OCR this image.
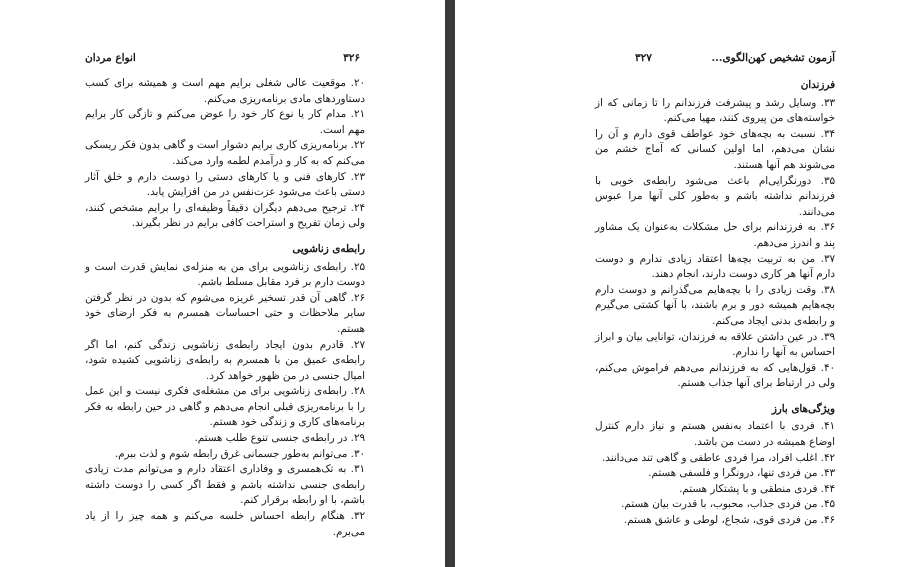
۳۲۶
انواع مردان

۲۰. موقعیت عالی شغلی برایم مهم است و همیشه برای کسب دستاوردهای مادی برنامه‌ریزی می‌کنم.

۲۱. مدام کار یا نوع کار خود را عوض می‌کنم و تازگی کار برایم مهم است.

۲۲. برنامه‌ریزی کاری برایم دشوار است و گاهی بدون فکر ریسکی می‌کنم که به کار و درآمدم لطمه وارد می‌کند.

۲۳. کارهای فنی و یا کارهای دستی را دوست دارم و خلق آثار دستی باعث می‌شود عزت‌نفس در من افزایش یابد.

۲۴. ترجیح می‌دهم دیگران دقیقاً وظیفه‌ای را برایم مشخص کنند، ولی زمان تفریح و استراحت کافی برایم در نظر بگیرند.

رابطه‌ی زناشویی

۲۵. رابطه‌ی زناشویی برای من به منزله‌ی نمایش قدرت است و دوست دارم بر فرد مقابل مسلط باشم.

۲۶. گاهی آن قدر تسخیر غریزه می‌شوم که بدون در نظر گرفتن سایر ملاحظات و حتی احساسات همسرم به فکر ارضای خود هستم.

۲۷. قادرم بدون ایجاد رابطه‌ی زناشویی زندگی کنم، اما اگر رابطه‌ی عمیق من با همسرم به رابطه‌ی زناشویی کشیده شود، امیال جنسی در من ظهور خواهد کرد.

۲۸. رابطه‌ی زناشویی برای من مشغله‌ی فکری نیست و این عمل را با برنامه‌ریزی قبلی انجام می‌دهم و گاهی در حین رابطه به فکر برنامه‌های کاری و زندگی خود هستم.

۲۹. در رابطه‌ی جنسی تنوع طلب هستم.

۳۰. می‌توانم به‌طور جسمانی غرق رابطه شوم و لذت ببرم.

۳۱. به تک‌همسری و وفاداری اعتقاد دارم و می‌توانم مدت زیادی رابطه‌ی جنسی نداشته باشم و فقط اگر کسی را دوست داشته باشم، با او رابطه برقرار کنم.

۳۲. هنگام رابطه احساس خلسه می‌کنم و همه چیز را از یاد می‌برم.

آزمون تشخیص کهن‌الگوی...
۳۲۷
فرزندان

۳۳. وسایل رشد و پیشرفت فرزندانم را تا زمانی که از خواسته‌های من پیروی کنند، مهیا می‌کنم.

۳۴. نسبت به بچه‌های خود عواطف قوی دارم و آن را نشان می‌دهم، اما اولین کسانی که آماج خشم من می‌شوند هم آنها هستند.

۳۵. دورنگرایی‌ام باعث می‌شود رابطه‌ی خوبی با فرزندانم نداشته باشم و به‌طور کلی آنها مرا عبوس می‌دانند.

۳۶. به فرزندانم برای حل مشکلات به‌عنوان یک مشاور پند و اندرز می‌دهم.

۳۷. من به تربیت بچه‌ها اعتقاد زیادی ندارم و دوست دارم آنها هر کاری دوست دارند، انجام دهند.

۳۸. وقت زیادی را با بچه‌هایم می‌گذرانم و دوست دارم بچه‌هایم همیشه دور و برم باشند، با آنها کشتی می‌گیرم و رابطه‌ی بدنی ایجاد می‌کنم.

۳۹. در عین داشتن علاقه به فرزندان، توانایی بیان و ابراز احساس به آنها را ندارم.

۴۰. قول‌هایی که به فرزندانم می‌دهم فراموش می‌کنم، ولی در ارتباط برای آنها جذاب هستم.

ویژگی‌های بارز

۴۱. فردی با اعتماد به‌نفس هستم و نیاز دارم کنترل اوضاع همیشه در دست من باشد.

۴۲. اغلب افراد، مرا فردی عاطفی و گاهی تند می‌دانند.

۴۳. من فردی تنها، درونگرا و فلسفی هستم.

۴۴. فردی منطقی و با پشتکار هستم.

۴۵. من فردی جذاب، محبوب، با قدرت بیان هستم.

۴۶. من فردی قوی، شجاع، لوطی و عاشق هستم.
